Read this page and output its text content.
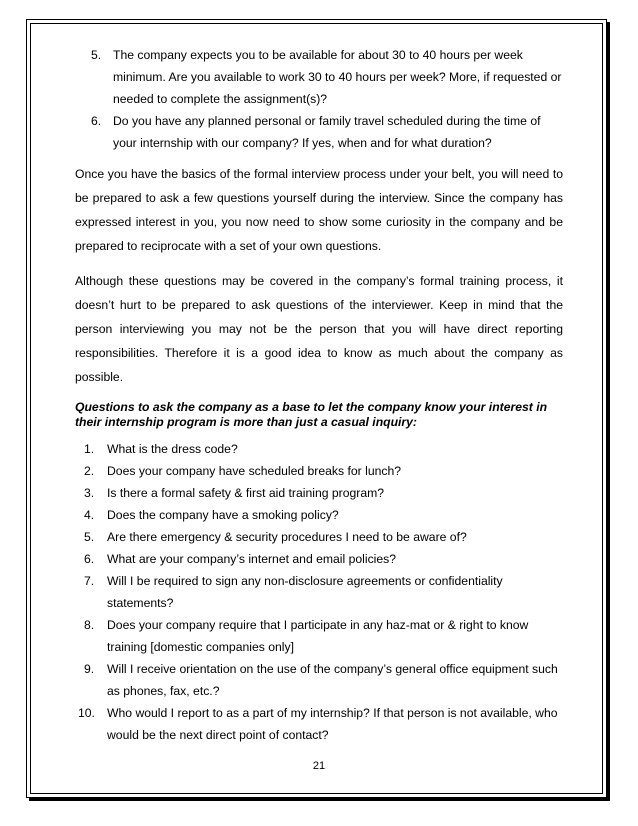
5. The company expects you to be available for about 30 to 40 hours per week minimum. Are you available to work 30 to 40 hours per week? More, if requested or needed to complete the assignment(s)?
6. Do you have any planned personal or family travel scheduled during the time of your internship with our company? If yes, when and for what duration?

Once you have the basics of the formal interview process under your belt, you will need to be prepared to ask a few questions yourself during the interview. Since the company has expressed interest in you, you now need to show some curiosity in the company and be prepared to reciprocate with a set of your own questions.

Although these questions may be covered in the company’s formal training process, it doesn’t hurt to be prepared to ask questions of the interviewer. Keep in mind that the person interviewing you may not be the person that you will have direct reporting responsibilities. Therefore it is a good idea to know as much about the company as possible.

Questions to ask the company as a base to let the company know your interest in their internship program is more than just a casual inquiry:
1. What is the dress code?
2. Does your company have scheduled breaks for lunch?
3. Is there a formal safety & first aid training program?
4. Does the company have a smoking policy?
5. Are there emergency & security procedures I need to be aware of?
6. What are your company’s internet and email policies?
7. Will I be required to sign any non-disclosure agreements or confidentiality statements?
8. Does your company require that I participate in any haz-mat or & right to know training [domestic companies only]
9. Will I receive orientation on the use of the company’s general office equipment such as phones, fax, etc.?
10. Who would I report to as a part of my internship? If that person is not available, who would be the next direct point of contact?
21
